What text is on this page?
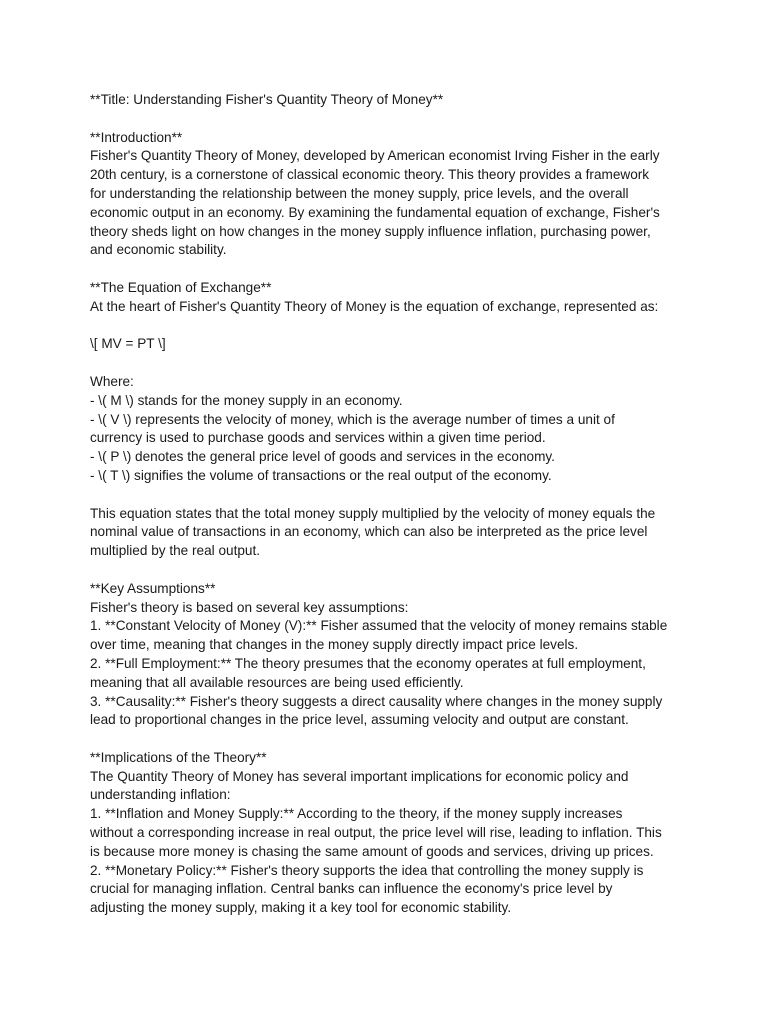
**Title: Understanding Fisher's Quantity Theory of Money**

**Introduction**

Fisher's Quantity Theory of Money, developed by American economist Irving Fisher in the early

20th century, is a cornerstone of classical economic theory. This theory provides a framework

for understanding the relationship between the money supply, price levels, and the overall

economic output in an economy. By examining the fundamental equation of exchange, Fisher's

theory sheds light on how changes in the money supply influence inflation, purchasing power,

and economic stability.

**The Equation of Exchange**

At the heart of Fisher's Quantity Theory of Money is the equation of exchange, represented as:

\[ MV = PT \]

Where:

- \( M \) stands for the money supply in an economy.

- \( V \) represents the velocity of money, which is the average number of times a unit of

currency is used to purchase goods and services within a given time period.

- \( P \) denotes the general price level of goods and services in the economy.

- \( T \) signifies the volume of transactions or the real output of the economy.

This equation states that the total money supply multiplied by the velocity of money equals the

nominal value of transactions in an economy, which can also be interpreted as the price level

multiplied by the real output.

**Key Assumptions**

Fisher's theory is based on several key assumptions:

1. **Constant Velocity of Money (V):** Fisher assumed that the velocity of money remains stable

over time, meaning that changes in the money supply directly impact price levels.

2. **Full Employment:** The theory presumes that the economy operates at full employment,

meaning that all available resources are being used efficiently.

3. **Causality:** Fisher's theory suggests a direct causality where changes in the money supply

lead to proportional changes in the price level, assuming velocity and output are constant.

**Implications of the Theory**

The Quantity Theory of Money has several important implications for economic policy and

understanding inflation:

1. **Inflation and Money Supply:** According to the theory, if the money supply increases

without a corresponding increase in real output, the price level will rise, leading to inflation. This

is because more money is chasing the same amount of goods and services, driving up prices.

2. **Monetary Policy:** Fisher's theory supports the idea that controlling the money supply is

crucial for managing inflation. Central banks can influence the economy's price level by

adjusting the money supply, making it a key tool for economic stability.
